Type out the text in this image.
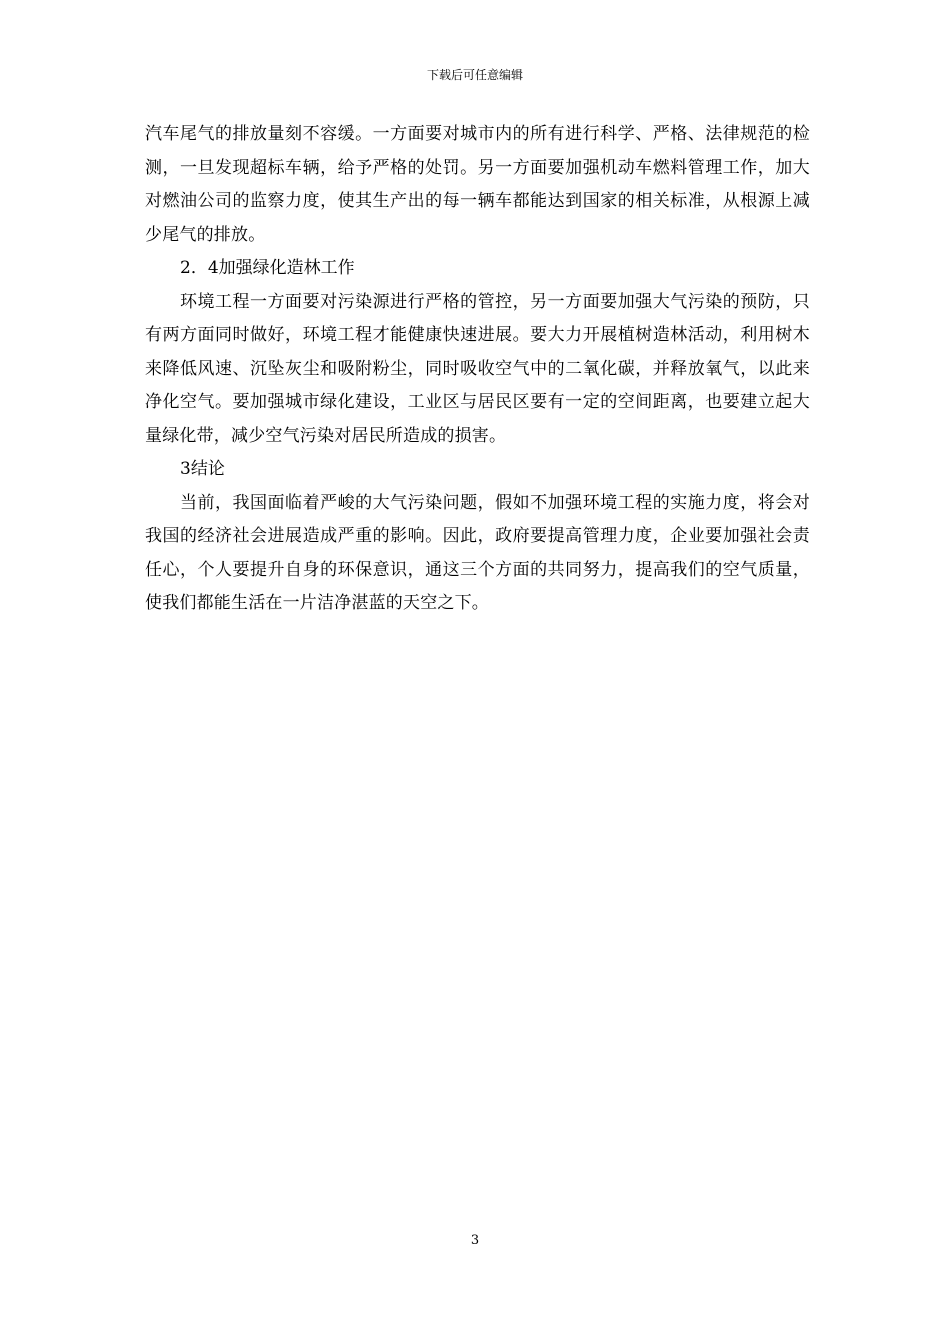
下载后可任意编辑

汽车尾气的排放量刻不容缓。一方面要对城市内的所有进行科学、严格、法律规范的检测，一旦发现超标车辆，给予严格的处罚。另一方面要加强机动车燃料管理工作，加大对燃油公司的监察力度，使其生产出的每一辆车都能达到国家的相关标准，从根源上减少尾气的排放。

2．4加强绿化造林工作

环境工程一方面要对污染源进行严格的管控，另一方面要加强大气污染的预防，只有两方面同时做好，环境工程才能健康快速进展。要大力开展植树造林活动，利用树木来降低风速、沉坠灰尘和吸附粉尘，同时吸收空气中的二氧化碳，并释放氧气，以此来净化空气。要加强城市绿化建设，工业区与居民区要有一定的空间距离，也要建立起大量绿化带，减少空气污染对居民所造成的损害。

3结论

当前，我国面临着严峻的大气污染问题，假如不加强环境工程的实施力度，将会对我国的经济社会进展造成严重的影响。因此，政府要提高管理力度，企业要加强社会责任心，个人要提升自身的环保意识，通这三个方面的共同努力，提高我们的空气质量，使我们都能生活在一片洁净湛蓝的天空之下。

3
